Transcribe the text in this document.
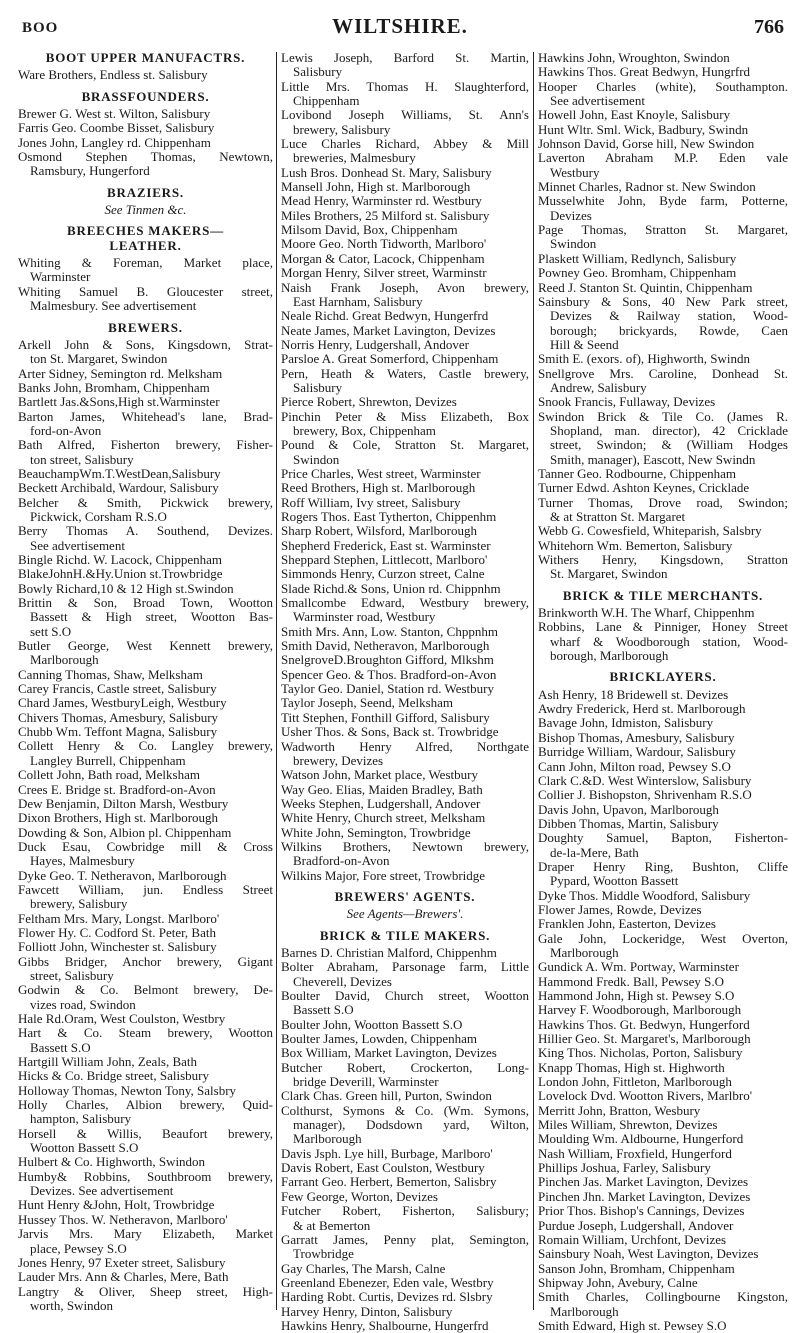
BOO	WILTSHIRE.	766
BOOT UPPER MANUFACTRS.
Ware Brothers, Endless st. Salisbury
BRASSFOUNDERS.
Brewer G. West st. Wilton, Salisbury
Farris Geo. Coombe Bisset, Salisbury
Jones John, Langley rd. Chippenham
Osmond Stephen Thomas, Newtown,
Ramsbury, Hungerford
BRAZIERS.
See Tinmen &c.
BREECHES MAKERS—
LEATHER.
Whiting & Foreman, Market place,
Warminster
Whiting Samuel B. Gloucester street,
Malmesbury. See advertisement
BREWERS.
Arkell John & Sons, Kingsdown, Strat-
ton St. Margaret, Swindon
Arter Sidney, Semington rd. Melksham
Banks John, Bromham, Chippenham
Bartlett Jas.&Sons,High st.Warminster
Barton James, Whitehead's lane, Brad-
ford-on-Avon
Bath Alfred, Fisherton brewery, Fisher-
ton street, Salisbury
BeauchampWm.T.WestDean,Salisbury
Beckett Archibald, Wardour, Salisbury
Belcher & Smith, Pickwick brewery,
Pickwick, Corsham R.S.O
Berry Thomas A. Southend, Devizes.
See advertisement
Bingle Richd. W. Lacock, Chippenham
BlakeJohnH.&Hy.Union st.Trowbridge
Bowly Richard,10 & 12 High st.Swindon
Brittin & Son, Broad Town, Wootton
Bassett & High street, Wootton Bas-
sett S.O
Butler George, West Kennett brewery,
Marlborough
Canning Thomas, Shaw, Melksham
Carey Francis, Castle street, Salisbury
Chard James, WestburyLeigh, Westbury
Chivers Thomas, Amesbury, Salisbury
Chubb Wm. Teffont Magna, Salisbury
Collett Henry & Co. Langley brewery,
Langley Burrell, Chippenham
Collett John, Bath road, Melksham
Crees E. Bridge st. Bradford-on-Avon
Dew Benjamin, Dilton Marsh, Westbury
Dixon Brothers, High st. Marlborough
Dowding & Son, Albion pl. Chippenham
Duck Esau, Cowbridge mill & Cross
Hayes, Malmesbury
Dyke Geo. T. Netheravon, Marlborough
Fawcett William, jun. Endless Street
brewery, Salisbury
Feltham Mrs. Mary, Longst. Marlboro'
Flower Hy. C. Codford St. Peter, Bath
Folliott John, Winchester st. Salisbury
Gibbs Bridger, Anchor brewery, Gigant
street, Salisbury
Godwin & Co. Belmont brewery, De-
vizes road, Swindon
Hale Rd.Oram, West Coulston, Westbry
Hart & Co. Steam brewery, Wootton
Bassett S.O
Hartgill William John, Zeals, Bath
Hicks & Co. Bridge street, Salisbury
Holloway Thomas, Newton Tony, Salsbry
Holly Charles, Albion brewery, Quid-
hampton, Salisbury
Horsell & Willis, Beaufort brewery,
Wootton Bassett S.O
Hulbert & Co. Highworth, Swindon
Humby& Robbins, Southbroom brewery,
Devizes. See advertisement
Hunt Henry &John, Holt, Trowbridge
Hussey Thos. W. Netheravon, Marlboro'
Jarvis Mrs. Mary Elizabeth, Market
place, Pewsey S.O
Jones Henry, 97 Exeter street, Salisbury
Lauder Mrs. Ann & Charles, Mere, Bath
Langtry & Oliver, Sheep street, High-
worth, Swindon
Lewis Joseph, Barford St. Martin,
Salisbury
Little Mrs. Thomas H. Slaughterford,
Chippenham
Lovibond Joseph Williams, St. Ann's
brewery, Salisbury
Luce Charles Richard, Abbey & Mill
breweries, Malmesbury
Lush Bros. Donhead St. Mary, Salisbury
Mansell John, High st. Marlborough
Mead Henry, Warminster rd. Westbury
Miles Brothers, 25 Milford st. Salisbury
Milsom David, Box, Chippenham
Moore Geo. North Tidworth, Marlboro'
Morgan & Cator, Lacock, Chippenham
Morgan Henry, Silver street, Warminstr
Naish Frank Joseph, Avon brewery,
East Harnham, Salisbury
Neale Richd. Great Bedwyn, Hungerfrd
Neate James, Market Lavington, Devizes
Norris Henry, Ludgershall, Andover
Parsloe A. Great Somerford, Chippenham
Pern, Heath & Waters, Castle brewery,
Salisbury
Pierce Robert, Shrewton, Devizes
Pinchin Peter & Miss Elizabeth, Box
brewery, Box, Chippenham
Pound & Cole, Stratton St. Margaret,
Swindon
Price Charles, West street, Warminster
Reed Brothers, High st. Marlborough
Roff William, Ivy street, Salisbury
Rogers Thos. East Tytherton, Chippenhm
Sharp Robert, Wilsford, Marlborough
Shepherd Frederick, East st. Warminster
Sheppard Stephen, Littlecott, Marlboro'
Simmonds Henry, Curzon street, Calne
Slade Richd.& Sons, Union rd. Chippnhm
Smallcombe Edward, Westbury brewery,
Warminster road, Westbury
Smith Mrs. Ann, Low. Stanton, Chppnhm
Smith David, Netheravon, Marlborough
SnelgroveD.Broughton Gifford, Mlkshm
Spencer Geo. & Thos. Bradford-on-Avon
Taylor Geo. Daniel, Station rd. Westbury
Taylor Joseph, Seend, Melksham
Titt Stephen, Fonthill Gifford, Salisbury
Usher Thos. & Sons, Back st. Trowbridge
Wadworth Henry Alfred, Northgate
brewery, Devizes
Watson John, Market place, Westbury
Way Geo. Elias, Maiden Bradley, Bath
Weeks Stephen, Ludgershall, Andover
White Henry, Church street, Melksham
White John, Semington, Trowbridge
Wilkins Brothers, Newtown brewery,
Bradford-on-Avon
Wilkins Major, Fore street, Trowbridge
BREWERS' AGENTS.
See Agents—Brewers'.
BRICK & TILE MAKERS.
Barnes D. Christian Malford, Chippenhm
Bolter Abraham, Parsonage farm, Little
Cheverell, Devizes
Boulter David, Church street, Wootton
Bassett S.O
Boulter John, Wootton Bassett S.O
Boulter James, Lowden, Chippenham
Box William, Market Lavington, Devizes
Butcher Robert, Crockerton, Long-
bridge Deverill, Warminster
Clark Chas. Green hill, Purton, Swindon
Colthurst, Symons & Co. (Wm. Symons,
manager), Dodsdown yard, Wilton,
Marlborough
Davis Jsph. Lye hill, Burbage, Marlboro'
Davis Robert, East Coulston, Westbury
Farrant Geo. Herbert, Bemerton, Salisbry
Few George, Worton, Devizes
Futcher Robert, Fisherton, Salisbury;
& at Bemerton
Garratt James, Penny plat, Semington,
Trowbridge
Gay Charles, The Marsh, Calne
Greenland Ebenezer, Eden vale, Westbry
Harding Robt. Curtis, Devizes rd. Slsbry
Harvey Henry, Dinton, Salisbury
Hawkins Henry, Shalbourne, Hungerfrd
Hawkins John, Wroughton, Swindon
Hawkins Thos. Great Bedwyn, Hungrfrd
Hooper Charles (white), Southampton.
See advertisement
Howell John, East Knoyle, Salisbury
Hunt Wltr. Sml. Wick, Badbury, Swindn
Johnson David, Gorse hill, New Swindon
Laverton Abraham M.P. Eden vale
Westbury
Minnet Charles, Radnor st. New Swindon
Musselwhite John, Byde farm, Potterne,
Devizes
Page Thomas, Stratton St. Margaret,
Swindon
Plaskett William, Redlynch, Salisbury
Powney Geo. Bromham, Chippenham
Reed J. Stanton St. Quintin, Chippenham
Sainsbury & Sons, 40 New Park street,
Devizes & Railway station, Wood-
borough; brickyards, Rowde, Caen
Hill & Seend
Smith E. (exors. of), Highworth, Swindn
Snellgrove Mrs. Caroline, Donhead St.
Andrew, Salisbury
Snook Francis, Fullaway, Devizes
Swindon Brick & Tile Co. (James R.
Shopland, man. director), 42 Cricklade
street, Swindon; & (William Hodges
Smith, manager), Eascott, New Swindn
Tanner Geo. Rodbourne, Chippenham
Turner Edwd. Ashton Keynes, Cricklade
Turner Thomas, Drove road, Swindon;
& at Stratton St. Margaret
Webb G. Cowesfield, Whiteparish, Salsbry
Whitehorn Wm. Bemerton, Salisbury
Withers Henry, Kingsdown, Stratton
St. Margaret, Swindon
BRICK & TILE MERCHANTS.
Brinkworth W.H. The Wharf, Chippenhm
Robbins, Lane & Pinniger, Honey Street
wharf & Woodborough station, Wood-
borough, Marlborough
BRICKLAYERS.
Ash Henry, 18 Bridewell st. Devizes
Awdry Frederick, Herd st. Marlborough
Bavage John, Idmiston, Salisbury
Bishop Thomas, Amesbury, Salisbury
Burridge William, Wardour, Salisbury
Cann John, Milton road, Pewsey S.O
Clark C.&D. West Winterslow, Salisbury
Collier J. Bishopston, Shrivenham R.S.O
Davis John, Upavon, Marlborough
Dibben Thomas, Martin, Salisbury
Doughty Samuel, Bapton, Fisherton-
de-la-Mere, Bath
Draper Henry Ring, Bushton, Cliffe
Pypard, Wootton Bassett
Dyke Thos. Middle Woodford, Salisbury
Flower James, Rowde, Devizes
Franklen John, Easterton, Devizes
Gale John, Lockeridge, West Overton,
Marlborough
Gundick A. Wm. Portway, Warminster
Hammond Fredk. Ball, Pewsey S.O
Hammond John, High st. Pewsey S.O
Harvey F. Woodborough, Marlborough
Hawkins Thos. Gt. Bedwyn, Hungerford
Hillier Geo. St. Margaret's, Marlborough
King Thos. Nicholas, Porton, Salisbury
Knapp Thomas, High st. Highworth
London John, Fittleton, Marlborough
Lovelock Dvd. Wootton Rivers, Marlbro'
Merritt John, Bratton, Wesbury
Miles William, Shrewton, Devizes
Moulding Wm. Aldbourne, Hungerford
Nash William, Froxfield, Hungerford
Phillips Joshua, Farley, Salisbury
Pinchen Jas. Market Lavington, Devizes
Pinchen Jhn. Market Lavington, Devizes
Prior Thos. Bishop's Cannings, Devizes
Purdue Joseph, Ludgershall, Andover
Romain William, Urchfont, Devizes
Sainsbury Noah, West Lavington, Devizes
Sanson John, Bromham, Chippenham
Shipway John, Avebury, Calne
Smith Charles, Collingbourne Kingston,
Marlborough
Smith Edward, High st. Pewsey S.O
